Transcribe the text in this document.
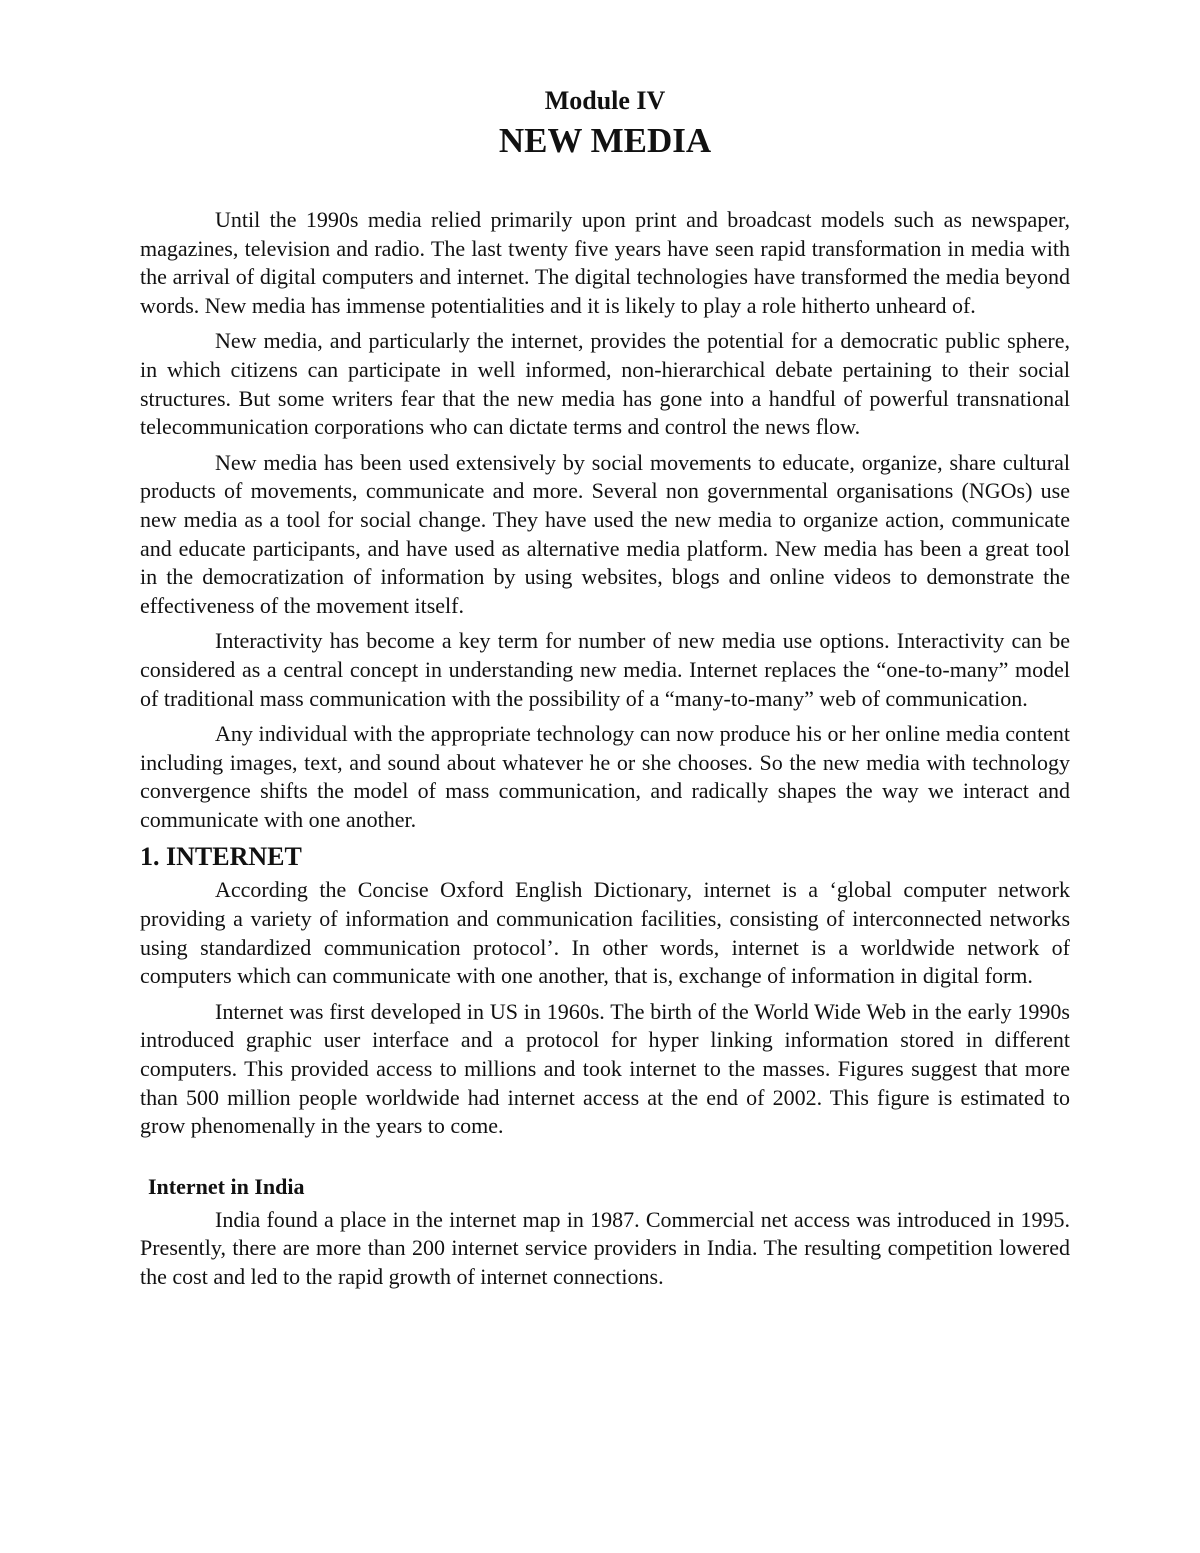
Module IV
NEW MEDIA

Until the 1990s media relied primarily upon print and broadcast models such as newspaper, magazines, television and radio. The last twenty five years have seen rapid transformation in media with the arrival of digital computers and internet. The digital technologies have transformed the media beyond words. New media has immense potentialities and it is likely to play a role hitherto unheard of.

New media, and particularly the internet, provides the potential for a democratic public sphere, in which citizens can participate in well informed, non-hierarchical debate pertaining to their social structures. But some writers fear that the new media has gone into a handful of powerful transnational telecommunication corporations who can dictate terms and control the news flow.

New media has been used extensively by social movements to educate, organize, share cultural products of movements, communicate and more. Several non governmental organisations (NGOs) use new media as a tool for social change. They have used the new media to organize action, communicate and educate participants, and have used as alternative media platform. New media has been a great tool in the democratization of information by using websites, blogs and online videos to demonstrate the effectiveness of the movement itself.

Interactivity has become a key term for number of new media use options. Interactivity can be considered as a central concept in understanding new media. Internet replaces the “one-to-many” model of traditional mass communication with the possibility of a “many-to-many” web of communication.

Any individual with the appropriate technology can now produce his or her online media content including images, text, and sound about whatever he or she chooses. So the new media with technology convergence shifts the model of mass communication, and radically shapes the way we interact and communicate with one another.

1. INTERNET

According the Concise Oxford English Dictionary, internet is a ‘global computer network providing a variety of information and communication facilities, consisting of interconnected networks using standardized communication protocol’. In other words, internet is a worldwide network of computers which can communicate with one another, that is, exchange of information in digital form.

Internet was first developed in US in 1960s. The birth of the World Wide Web in the early 1990s introduced graphic user interface and a protocol for hyper linking information stored in different computers. This provided access to millions and took internet to the masses. Figures suggest that more than 500 million people worldwide had internet access at the end of 2002. This figure is estimated to grow phenomenally in the years to come.

Internet in India

India found a place in the internet map in 1987. Commercial net access was introduced in 1995. Presently, there are more than 200 internet service providers in India. The resulting competition lowered the cost and led to the rapid growth of internet connections.
